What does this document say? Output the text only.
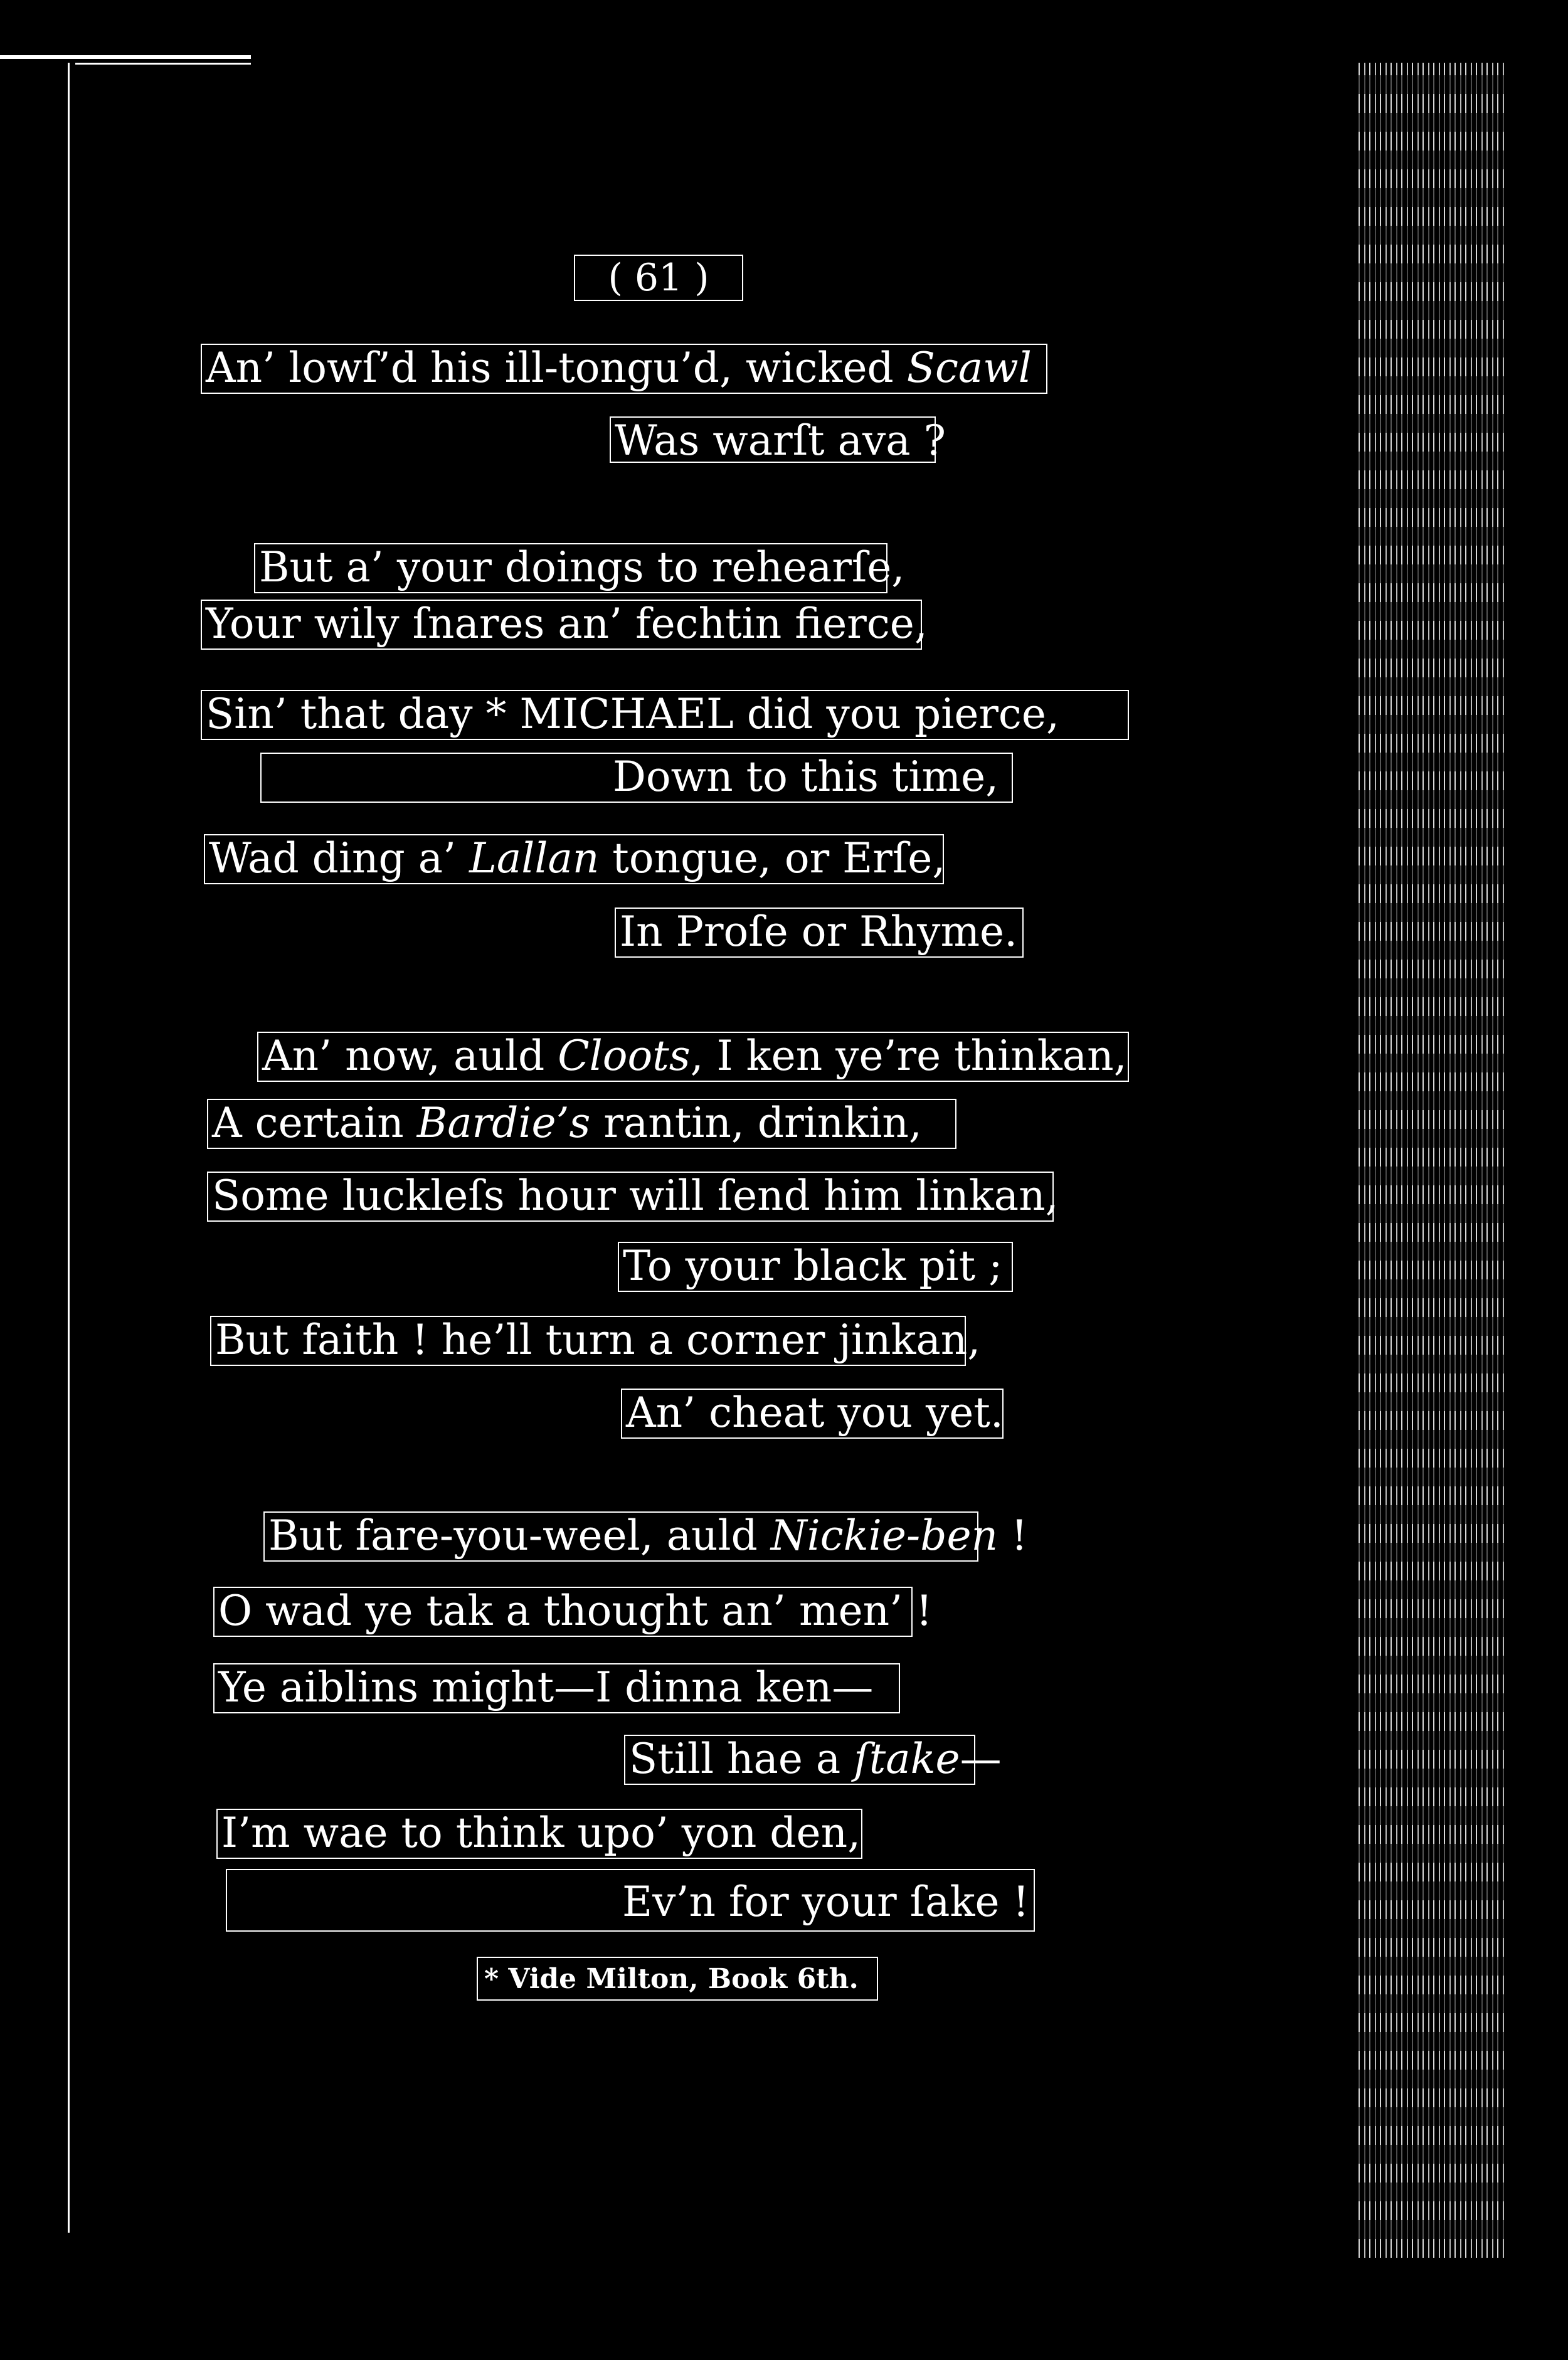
( 61 )
An’ lowſ’d his ill-tongu’d, wicked Scawl
Was warſt ava ?
But a’ your doings to rehearſe,
Your wily ſnares an’ fechtin fierce,
Sin’ that day * MICHAEL did you pierce,
Down to this time,
Wad ding a’ Lallan tongue, or Erſe,
In Proſe or Rhyme.
An’ now, auld Cloots, I ken ye’re thinkan,
A certain Bardie’s rantin, drinkin,
Some luckleſs hour will ſend him linkan,
To your black pit ;
But faith ! he’ll turn a corner jinkan,
An’ cheat you yet.
But fare-you-weel, auld Nickie-ben !
O wad ye tak a thought an’ men’ !
Ye aiblins might—I dinna ken—
Still hae a ſtake—
I’m wae to think upo’ yon den,
Ev’n for your ſake !
* Vide Milton, Book 6th.
